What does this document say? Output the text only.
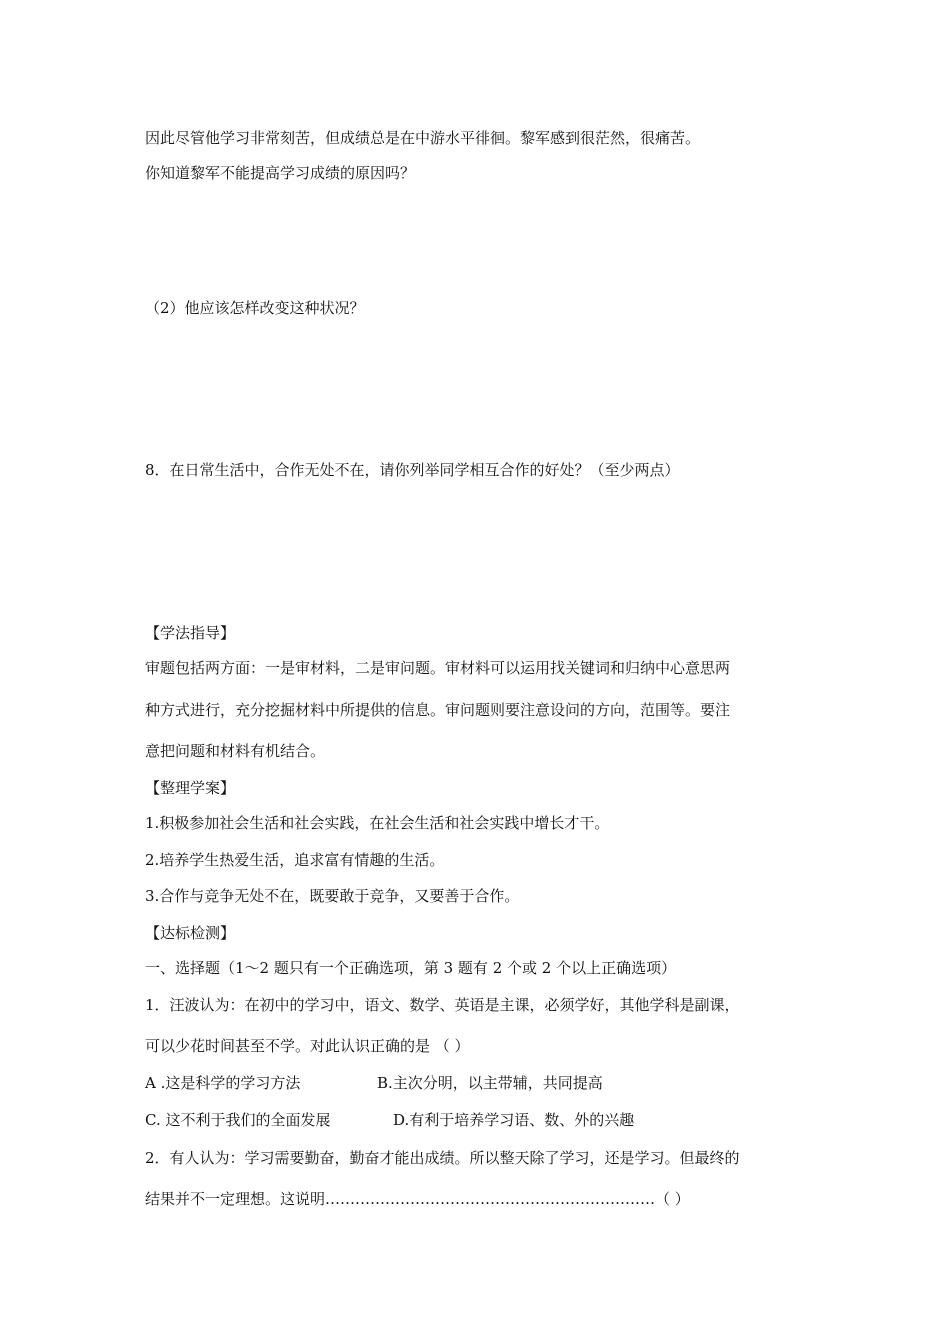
因此尽管他学习非常刻苦，但成绩总是在中游水平徘徊。黎军感到很茫然，很痛苦。
你知道黎军不能提高学习成绩的原因吗？
（2）他应该怎样改变这种状况？
8．在日常生活中，合作无处不在，请你列举同学相互合作的好处？（至少两点）
【学法指导】
审题包括两方面：一是审材料，二是审问题。审材料可以运用找关键词和归纳中心意思两
种方式进行，充分挖掘材料中所提供的信息。审问题则要注意设问的方向，范围等。要注
意把问题和材料有机结合。
【整理学案】
1.积极参加社会生活和社会实践，在社会生活和社会实践中增长才干。
2.培养学生热爱生活，追求富有情趣的生活。
3.合作与竞争无处不在，既要敢于竞争，又要善于合作。
【达标检测】
一、选择题（1～2 题只有一个正确选项，第 3 题有 2 个或 2 个以上正确选项）
1．汪波认为：在初中的学习中，语文、数学、英语是主课，必须学好，其他学科是副课，
可以少花时间甚至不学。对此认识正确的是 （ ）
A .这是科学的学习方法	B.主次分明，以主带辅，共同提高
C. 这不利于我们的全面发展	D.有利于培养学习语、数、外的兴趣
2．有人认为：学习需要勤奋，勤奋才能出成绩。所以整天除了学习，还是学习。但最终的
结果并不一定理想。这说明…………………………………………………………（ ）
